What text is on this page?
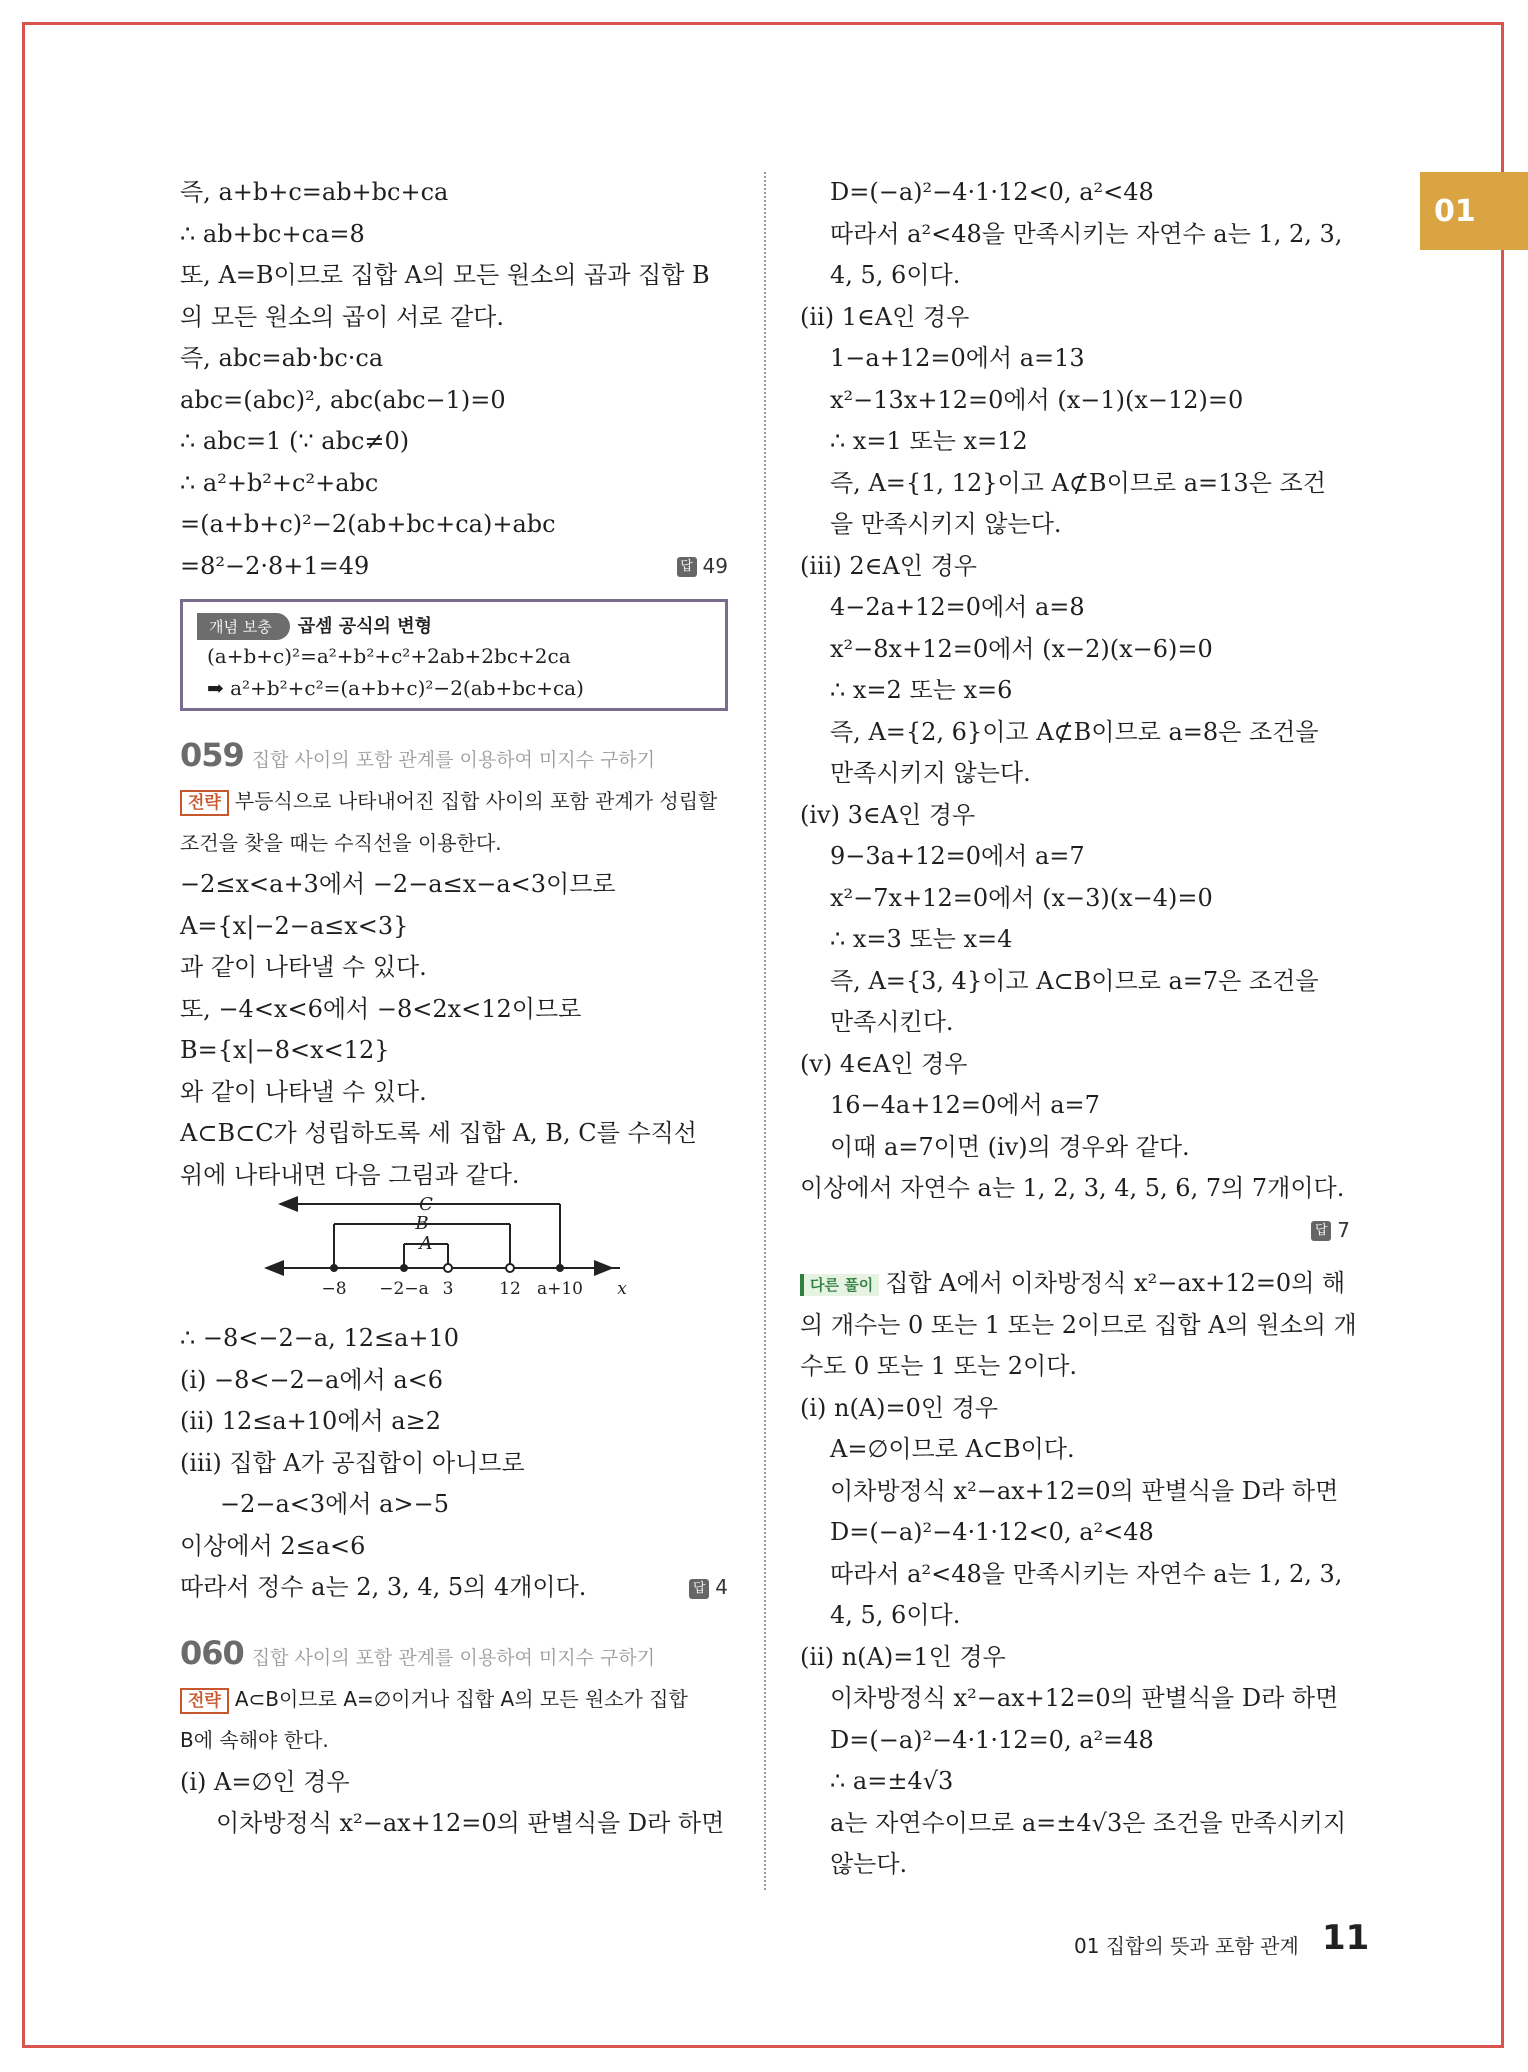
01
즉, a+b+c=ab+bc+ca
∴ ab+bc+ca=8
또, A=B이므로 집합 A의 모든 원소의 곱과 집합 B
의 모든 원소의 곱이 서로 같다.
즉, abc=ab·bc·ca
abc=(abc)², abc(abc−1)=0
∴ abc=1 (∵ abc≠0)
∴ a²+b²+c²+abc
=(a+b+c)²−2(ab+bc+ca)+abc
=8²−2·8+1=49	답 49
개념 보충 곱셈 공식의 변형
(a+b+c)²=a²+b²+c²+2ab+2bc+2ca
➡ a²+b²+c²=(a+b+c)²−2(ab+bc+ca)
059 집합 사이의 포함 관계를 이용하여 미지수 구하기
전략 부등식으로 나타내어진 집합 사이의 포함 관계가 성립할
조건을 찾을 때는 수직선을 이용한다.
−2≤x<a+3에서 −2−a≤x−a<3이므로
A={x|−2−a≤x<3}
과 같이 나타낼 수 있다.
또, −4<x<6에서 −8<2x<12이므로
B={x|−8<x<12}
와 같이 나타낼 수 있다.
A⊂B⊂C가 성립하도록 세 집합 A, B, C를 수직선
위에 나타내면 다음 그림과 같다.
C
B
A
−8 −2−a 3	12 a+10 x
∴ −8<−2−a, 12≤a+10
(ⅰ) −8<−2−a에서 a<6
(ⅱ) 12≤a+10에서 a≥2
(ⅲ) 집합 A가 공집합이 아니므로
−2−a<3에서 a>−5
이상에서 2≤a<6
따라서 정수 a는 2, 3, 4, 5의 4개이다.	답 4
060 집합 사이의 포함 관계를 이용하여 미지수 구하기
전략 A⊂B이므로 A=∅이거나 집합 A의 모든 원소가 집합
B에 속해야 한다.
(ⅰ) A=∅인 경우
이차방정식 x²−ax+12=0의 판별식을 D라 하면
D=(−a)²−4·1·12<0, a²<48
따라서 a²<48을 만족시키는 자연수 a는 1, 2, 3,
4, 5, 6이다.
(ⅱ) 1∈A인 경우
1−a+12=0에서 a=13
x²−13x+12=0에서 (x−1)(x−12)=0
∴ x=1 또는 x=12
즉, A={1, 12}이고 A⊄B이므로 a=13은 조건
을 만족시키지 않는다.
(ⅲ) 2∈A인 경우
4−2a+12=0에서 a=8
x²−8x+12=0에서 (x−2)(x−6)=0
∴ x=2 또는 x=6
즉, A={2, 6}이고 A⊄B이므로 a=8은 조건을
만족시키지 않는다.
(ⅳ) 3∈A인 경우
9−3a+12=0에서 a=7
x²−7x+12=0에서 (x−3)(x−4)=0
∴ x=3 또는 x=4
즉, A={3, 4}이고 A⊂B이므로 a=7은 조건을
만족시킨다.
(ⅴ) 4∈A인 경우
16−4a+12=0에서 a=7
이때 a=7이면 (ⅳ)의 경우와 같다.
이상에서 자연수 a는 1, 2, 3, 4, 5, 6, 7의 7개이다.
답 7
다른 풀이 집합 A에서 이차방정식 x²−ax+12=0의 해
의 개수는 0 또는 1 또는 2이므로 집합 A의 원소의 개
수도 0 또는 1 또는 2이다.
(ⅰ) n(A)=0인 경우
A=∅이므로 A⊂B이다.
이차방정식 x²−ax+12=0의 판별식을 D라 하면
D=(−a)²−4·1·12<0, a²<48
따라서 a²<48을 만족시키는 자연수 a는 1, 2, 3,
4, 5, 6이다.
(ⅱ) n(A)=1인 경우
이차방정식 x²−ax+12=0의 판별식을 D라 하면
D=(−a)²−4·1·12=0, a²=48
∴ a=±4√3
a는 자연수이므로 a=±4√3은 조건을 만족시키지
않는다.
01 집합의 뜻과 포함 관계 11
